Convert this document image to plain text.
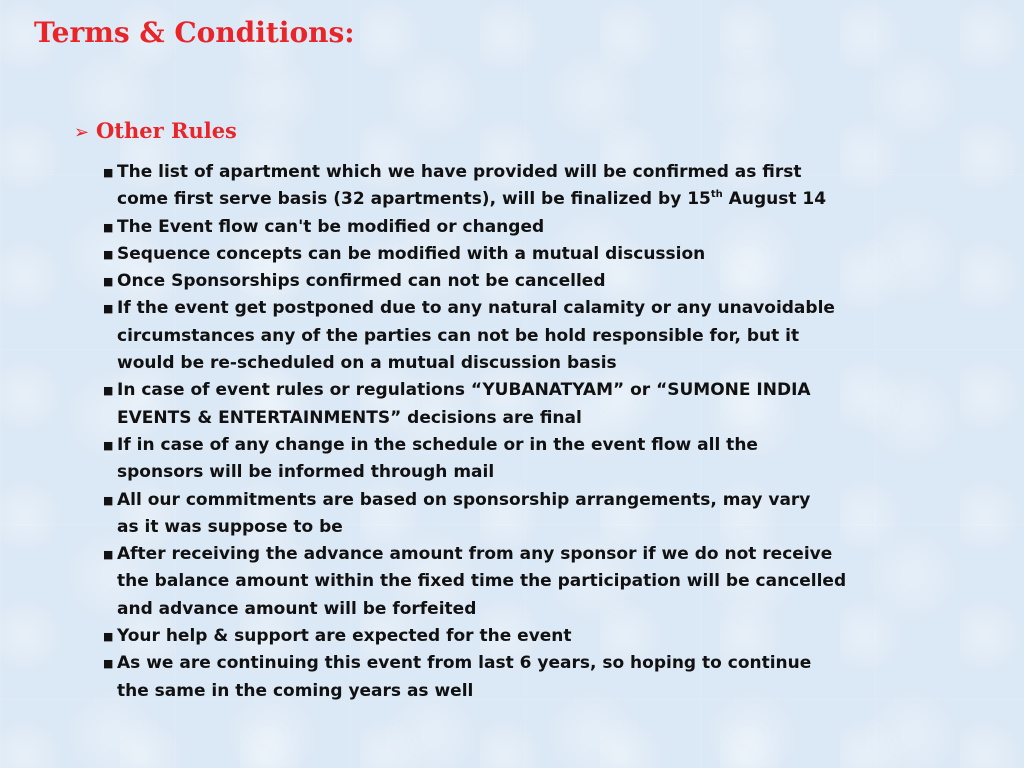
Terms & Conditions:
➢ Other Rules
■ The list of apartment which we have provided will be confirmed as first
come first serve basis (32 apartments), will be finalized by 15th August 14
■ The Event flow can't be modified or changed
■ Sequence concepts can be modified with a mutual discussion
■ Once Sponsorships confirmed can not be cancelled
■ If the event get postponed due to any natural calamity or any unavoidable
circumstances any of the parties can not be hold responsible for, but it
would be re-scheduled on a mutual discussion basis
■ In case of event rules or regulations “YUBANATYAM” or “SUMONE INDIA
EVENTS & ENTERTAINMENTS” decisions are final
■ If in case of any change in the schedule or in the event flow all the
sponsors will be informed through mail
■ All our commitments are based on sponsorship arrangements, may vary
as it was suppose to be
■ After receiving the advance amount from any sponsor if we do not receive
the balance amount within the fixed time the participation will be cancelled
and advance amount will be forfeited
■ Your help & support are expected for the event
■ As we are continuing this event from last 6 years, so hoping to continue
the same in the coming years as well
